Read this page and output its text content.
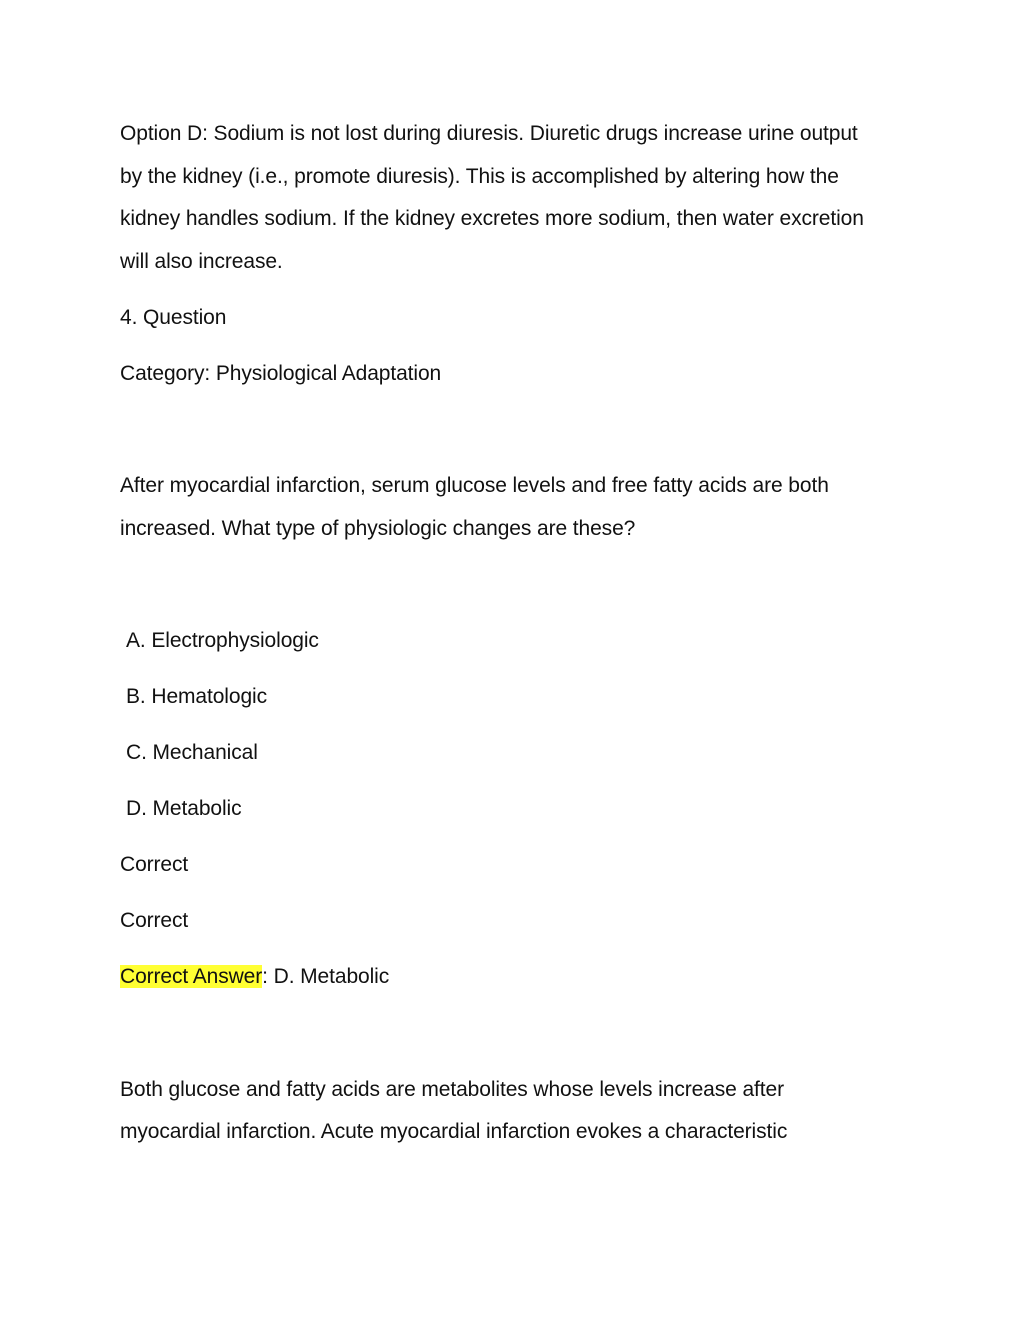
Option D: Sodium is not lost during diuresis. Diuretic drugs increase urine output
by the kidney (i.e., promote diuresis). This is accomplished by altering how the
kidney handles sodium. If the kidney excretes more sodium, then water excretion
will also increase.
4. Question
Category: Physiological Adaptation
After myocardial infarction, serum glucose levels and free fatty acids are both
increased. What type of physiologic changes are these?
A. Electrophysiologic
B. Hematologic
C. Mechanical
D. Metabolic
Correct
Correct
Correct Answer: D. Metabolic
Both glucose and fatty acids are metabolites whose levels increase after
myocardial infarction. Acute myocardial infarction evokes a characteristic
